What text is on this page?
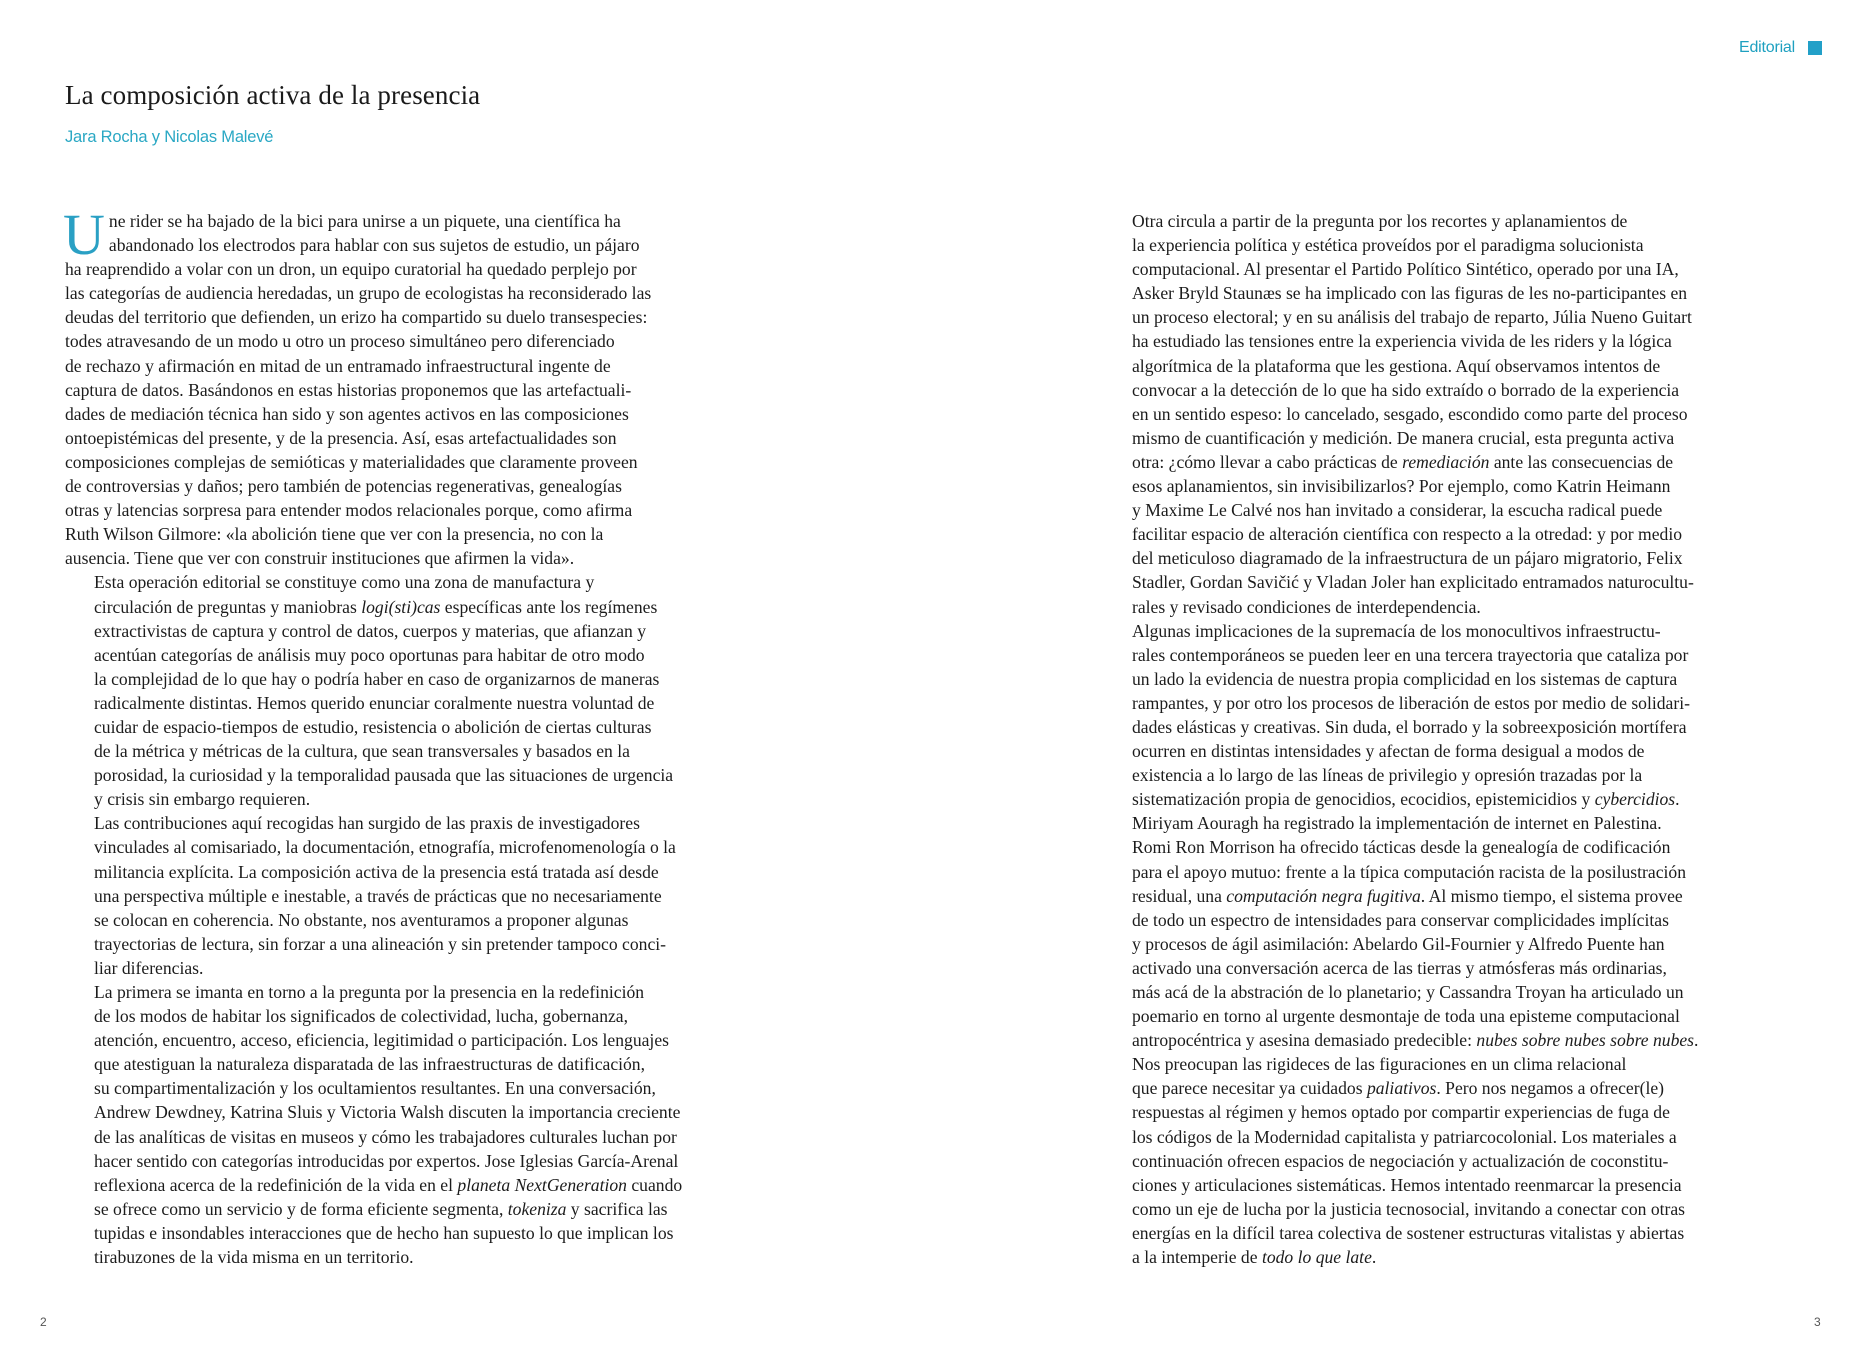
La composición activa de la presencia
Jara Rocha y Nicolas Malevé
U ne rider se ha bajado de la bici para unirse a un piquete, una científica ha
abandonado los electrodos para hablar con sus sujetos de estudio, un pájaro
ha reaprendido a volar con un dron, un equipo curatorial ha quedado perplejo por
las categorías de audiencia heredadas, un grupo de ecologistas ha reconsiderado las
deudas del territorio que defienden, un erizo ha compartido su duelo transespecies:
todes atravesando de un modo u otro un proceso simultáneo pero diferenciado
de rechazo y afirmación en mitad de un entramado infraestructural ingente de
captura de datos. Basándonos en estas historias proponemos que las artefactuali-
dades de mediación técnica han sido y son agentes activos en las composiciones
ontoepistémicas del presente, y de la presencia. Así, esas artefactualidades son
composiciones complejas de semióticas y materialidades que claramente proveen
de controversias y daños; pero también de potencias regenerativas, genealogías
otras y latencias sorpresa para entender modos relacionales porque, como afirma
Ruth Wilson Gilmore: «la abolición tiene que ver con la presencia, no con la
ausencia. Tiene que ver con construir instituciones que afirmen la vida».

Esta operación editorial se constituye como una zona de manufactura y
circulación de preguntas y maniobras logi(sti)cas específicas ante los regímenes
extractivistas de captura y control de datos, cuerpos y materias, que afianzan y
acentúan categorías de análisis muy poco oportunas para habitar de otro modo
la complejidad de lo que hay o podría haber en caso de organizarnos de maneras
radicalmente distintas. Hemos querido enunciar coralmente nuestra voluntad de
cuidar de espacio-tiempos de estudio, resistencia o abolición de ciertas culturas
de la métrica y métricas de la cultura, que sean transversales y basados en la
porosidad, la curiosidad y la temporalidad pausada que las situaciones de urgencia
y crisis sin embargo requieren.

Las contribuciones aquí recogidas han surgido de las praxis de investigadores
vinculades al comisariado, la documentación, etnografía, microfenomenología o la
militancia explícita. La composición activa de la presencia está tratada así desde
una perspectiva múltiple e inestable, a través de prácticas que no necesariamente
se colocan en coherencia. No obstante, nos aventuramos a proponer algunas
trayectorias de lectura, sin forzar a una alineación y sin pretender tampoco conci-
liar diferencias.

La primera se imanta en torno a la pregunta por la presencia en la redefinición
de los modos de habitar los significados de colectividad, lucha, gobernanza,
atención, encuentro, acceso, eficiencia, legitimidad o participación. Los lenguajes
que atestiguan la naturaleza disparatada de las infraestructuras de datificación,
su compartimentalización y los ocultamientos resultantes. En una conversación,
Andrew Dewdney, Katrina Sluis y Victoria Walsh discuten la importancia creciente
de las analíticas de visitas en museos y cómo les trabajadores culturales luchan por
hacer sentido con categorías introducidas por expertos. Jose Iglesias García-Arenal
reflexiona acerca de la redefinición de la vida en el planeta NextGeneration cuando
se ofrece como un servicio y de forma eficiente segmenta, tokeniza y sacrifica las
tupidas e insondables interacciones que de hecho han supuesto lo que implican los
tirabuzones de la vida misma en un territorio.

2
Editorial

Otra circula a partir de la pregunta por los recortes y aplanamientos de
la experiencia política y estética proveídos por el paradigma solucionista
computacional. Al presentar el Partido Político Sintético, operado por una IA,
Asker Bryld Staunæs se ha implicado con las figuras de les no-participantes en
un proceso electoral; y en su análisis del trabajo de reparto, Júlia Nueno Guitart
ha estudiado las tensiones entre la experiencia vivida de les riders y la lógica
algorítmica de la plataforma que les gestiona. Aquí observamos intentos de
convocar a la detección de lo que ha sido extraído o borrado de la experiencia
en un sentido espeso: lo cancelado, sesgado, escondido como parte del proceso
mismo de cuantificación y medición. De manera crucial, esta pregunta activa
otra: ¿cómo llevar a cabo prácticas de remediación ante las consecuencias de
esos aplanamientos, sin invisibilizarlos? Por ejemplo, como Katrin Heimann
y Maxime Le Calvé nos han invitado a considerar, la escucha radical puede
facilitar espacio de alteración científica con respecto a la otredad: y por medio
del meticuloso diagramado de la infraestructura de un pájaro migratorio, Felix
Stadler, Gordan Savičić y Vladan Joler han explicitado entramados naturocultu-
rales y revisado condiciones de interdependencia.

Algunas implicaciones de la supremacía de los monocultivos infraestructu-
rales contemporáneos se pueden leer en una tercera trayectoria que cataliza por
un lado la evidencia de nuestra propia complicidad en los sistemas de captura
rampantes, y por otro los procesos de liberación de estos por medio de solidari-
dades elásticas y creativas. Sin duda, el borrado y la sobreexposición mortífera
ocurren en distintas intensidades y afectan de forma desigual a modos de
existencia a lo largo de las líneas de privilegio y opresión trazadas por la
sistematización propia de genocidios, ecocidios, epistemicidios y cybercidios.
Miriyam Aouragh ha registrado la implementación de internet en Palestina.
Romi Ron Morrison ha ofrecido tácticas desde la genealogía de codificación
para el apoyo mutuo: frente a la típica computación racista de la posilustración
residual, una computación negra fugitiva. Al mismo tiempo, el sistema provee
de todo un espectro de intensidades para conservar complicidades implícitas
y procesos de ágil asimilación: Abelardo Gil-Fournier y Alfredo Puente han
activado una conversación acerca de las tierras y atmósferas más ordinarias,
más acá de la abstración de lo planetario; y Cassandra Troyan ha articulado un
poemario en torno al urgente desmontaje de toda una episteme computacional
antropocéntrica y asesina demasiado predecible: nubes sobre nubes sobre nubes.

Nos preocupan las rigideces de las figuraciones en un clima relacional
que parece necesitar ya cuidados paliativos. Pero nos negamos a ofrecer(le)
respuestas al régimen y hemos optado por compartir experiencias de fuga de
los códigos de la Modernidad capitalista y patriarcocolonial. Los materiales a
continuación ofrecen espacios de negociación y actualización de coconstitu-
ciones y articulaciones sistemáticas. Hemos intentado reenmarcar la presencia
como un eje de lucha por la justicia tecnosocial, invitando a conectar con otras
energías en la difícil tarea colectiva de sostener estructuras vitalistas y abiertas
a la intemperie de todo lo que late.

3
